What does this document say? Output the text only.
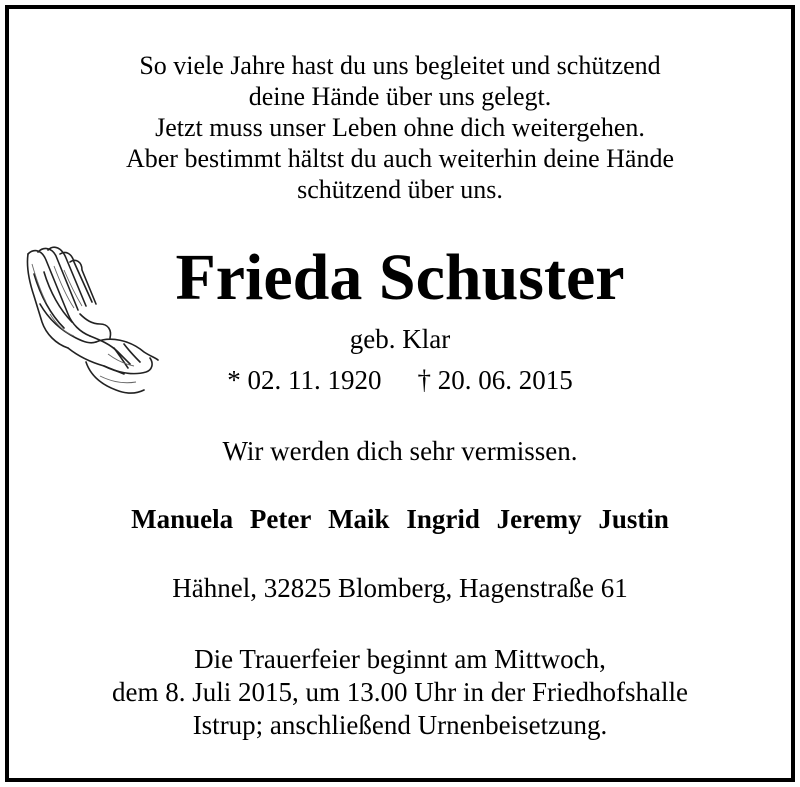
So viele Jahre hast du uns begleitet und schützend
deine Hände über uns gelegt.
Jetzt muss unser Leben ohne dich weitergehen.
Aber bestimmt hältst du auch weiterhin deine Hände
schützend über uns.
Frieda Schuster
geb. Klar
* 02. 11. 1920 † 20. 06. 2015
Wir werden dich sehr vermissen.
Manuela Peter Maik Ingrid Jeremy Justin
Hähnel, 32825 Blomberg, Hagenstraße 61
Die Trauerfeier beginnt am Mittwoch,
dem 8. Juli 2015, um 13.00 Uhr in der Friedhofshalle
Istrup; anschließend Urnenbeisetzung.
